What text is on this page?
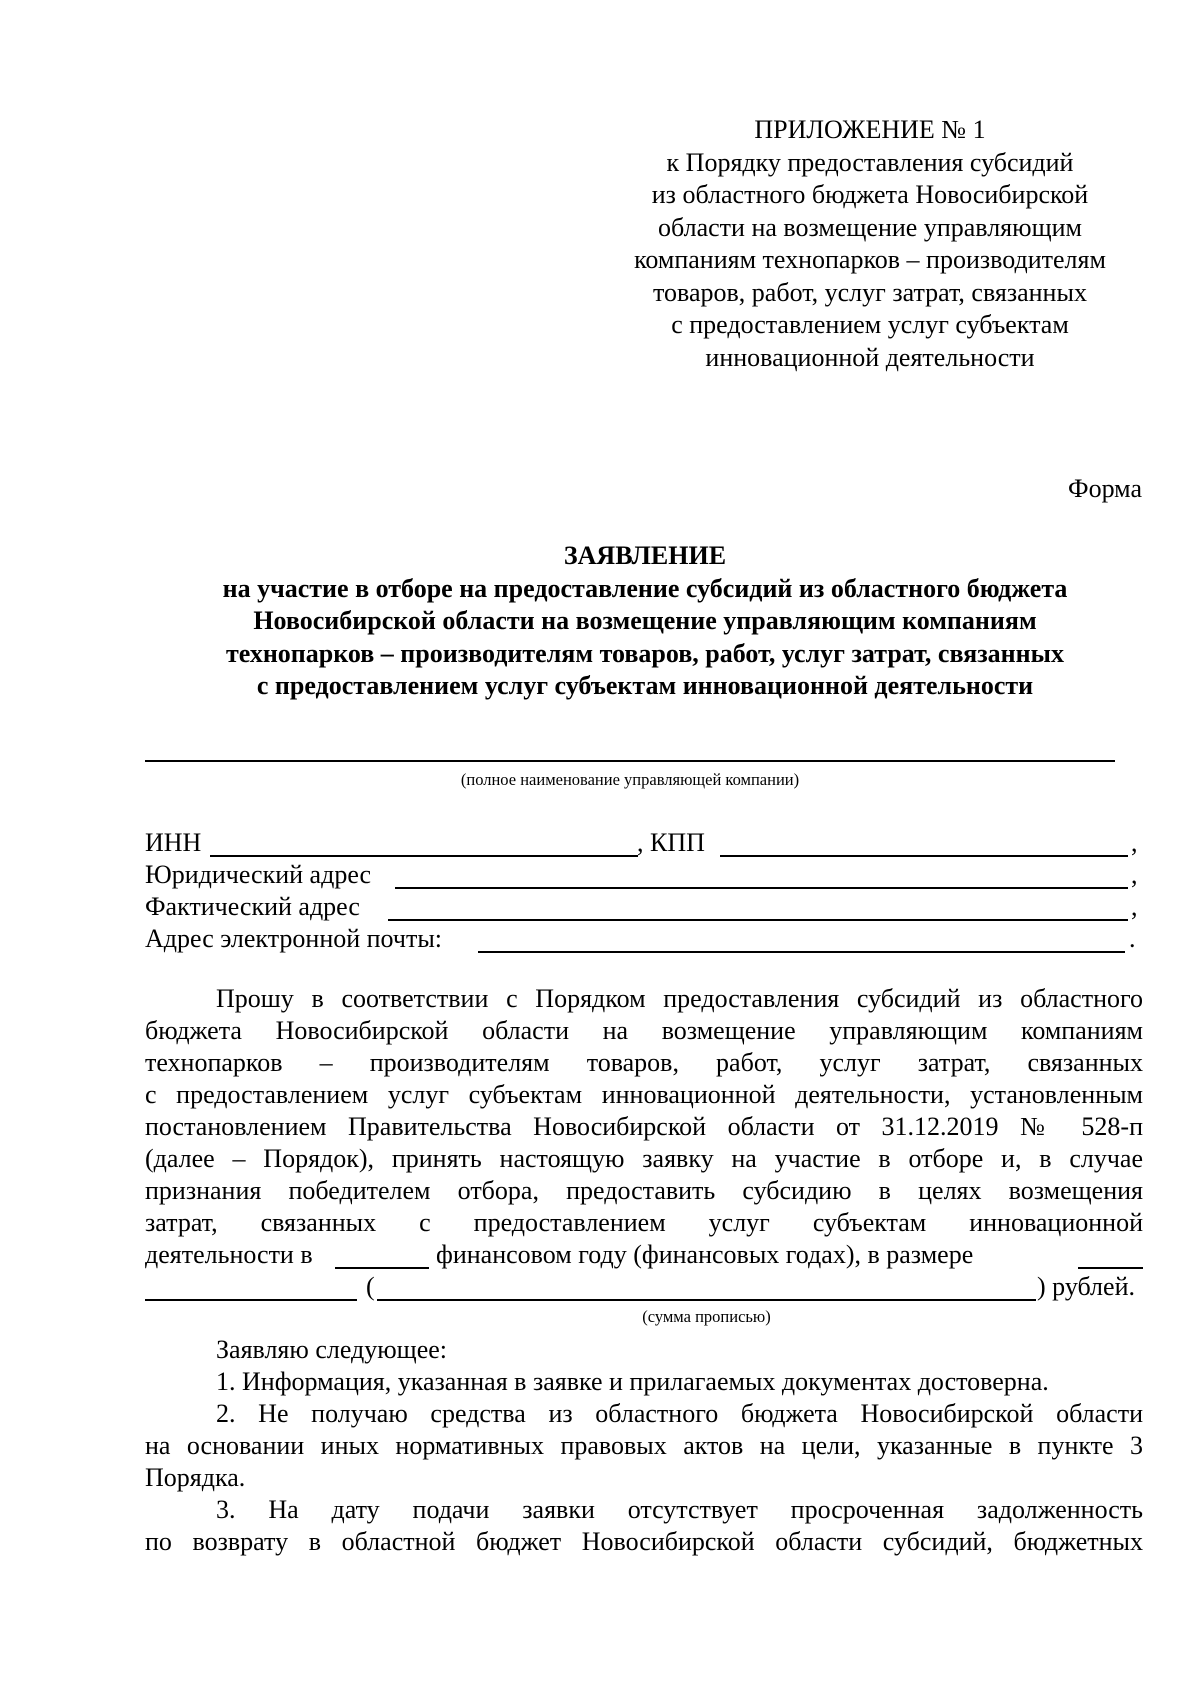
ПРИЛОЖЕНИЕ № 1
к Порядку предоставления субсидий
из областного бюджета Новосибирской
области на возмещение управляющим
компаниям технопарков – производителям
товаров, работ, услуг затрат, связанных
с предоставлением услуг субъектам
инновационной деятельности
Форма
ЗАЯВЛЕНИЕ
на участие в отборе на предоставление субсидий из областного бюджета
Новосибирской области на возмещение управляющим компаниям
технопарков – производителям товаров, работ, услуг затрат, связанных
с предоставлением услуг субъектам инновационной деятельности
(полное наименование управляющей компании)
ИНН	, КПП	,
Юридический адрес	,
Фактический адрес	,
Адрес электронной почты:	.
Прошу в соответствии с Порядком предоставления субсидий из областного
бюджета Новосибирской области на возмещение управляющим компаниям
технопарков – производителям товаров, работ, услуг затрат, связанных
с предоставлением услуг субъектам инновационной деятельности, установленным
постановлением Правительства Новосибирской области от 31.12.2019 № 528-п
(далее – Порядок), принять настоящую заявку на участие в отборе и, в случае
признания победителем отбора, предоставить субсидию в целях возмещения
затрат, связанных с предоставлением услуг субъектам инновационной
деятельности в	финансовом году (финансовых годах), в размере
(	) рублей.
(сумма прописью)
Заявляю следующее:
1. Информация, указанная в заявке и прилагаемых документах достоверна.
2. Не получаю средства из областного бюджета Новосибирской области
на основании иных нормативных правовых актов на цели, указанные в пункте 3
Порядка.
3. На дату подачи заявки отсутствует просроченная задолженность
по возврату в областной бюджет Новосибирской области субсидий, бюджетных
